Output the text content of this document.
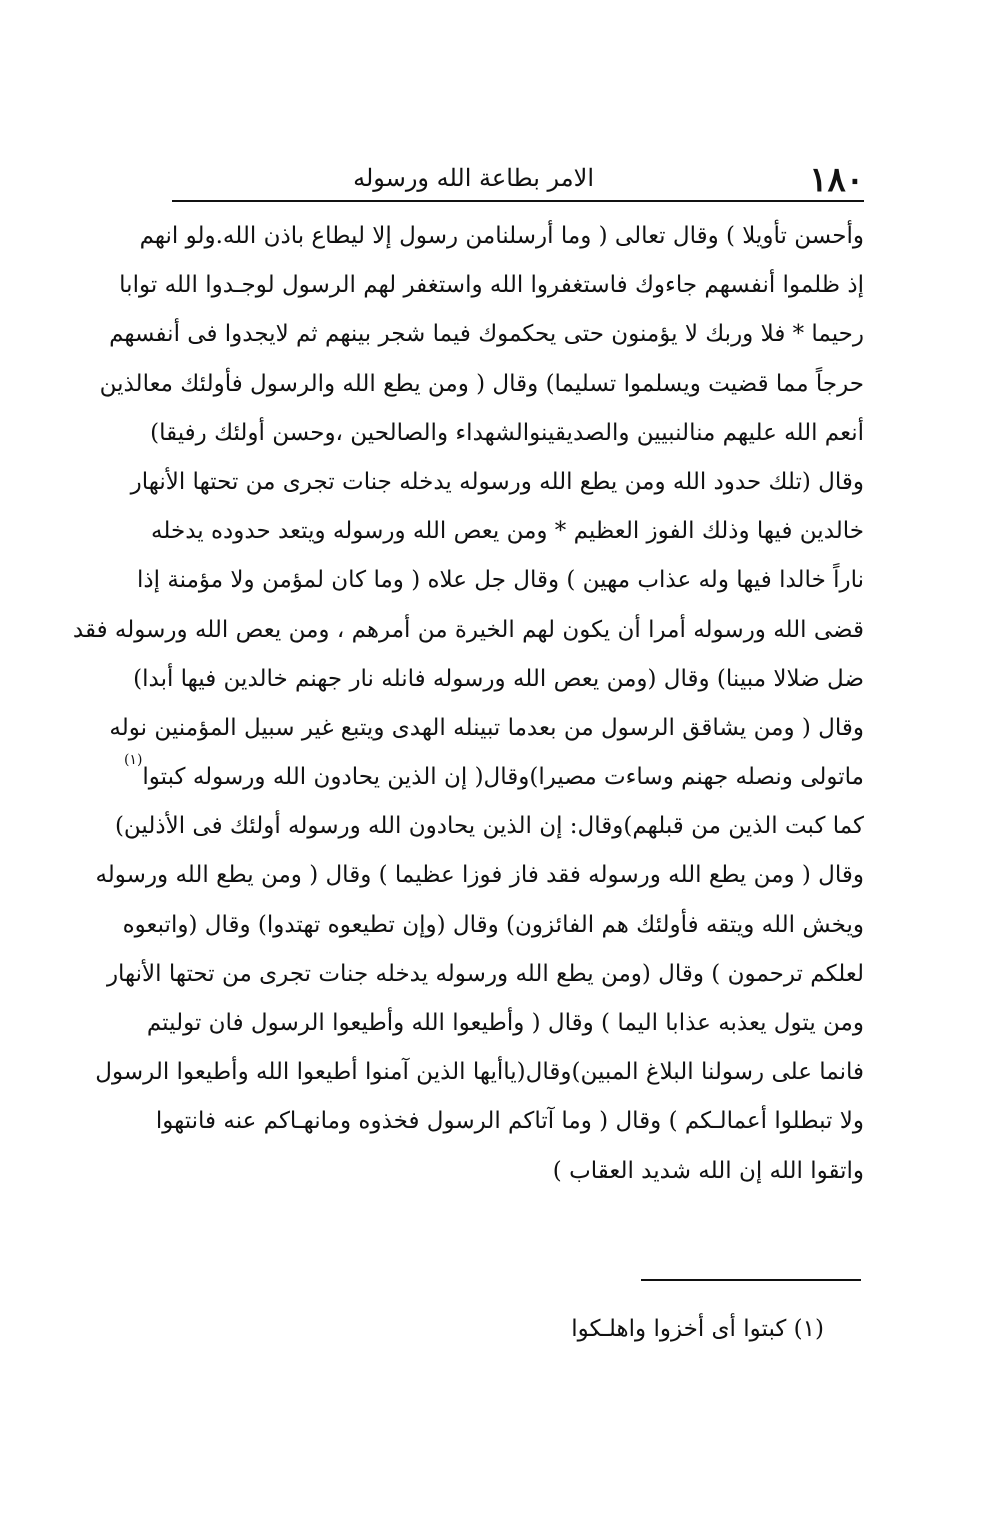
١٨٠
الامر بطاعة الله ورسوله
وأحسن تأويلا ) وقال تعالى ( وما أرسلنامن رسول إلا ليطاع باذن الله.ولو انهم
إذ ظلموا أنفسهم جاءوك فاستغفروا الله واستغفر لهم الرسول لوجـدوا الله توابا
رحيما * فلا وربك لا يؤمنون حتى يحكموك فيما شجر بينهم ثم لايجدوا فى أنفسهم
حرجاً مما قضيت ويسلموا تسليما) وقال ( ومن يطع الله والرسول فأولئك معالذين
أنعم الله عليهم منالنبيين والصديقينوالشهداء والصالحين ،وحسن أولئك رفيقا)
وقال (تلك حدود الله ومن يطع الله ورسوله يدخله جنات تجرى من تحتها الأنهار
خالدين فيها وذلك الفوز العظيم * ومن يعص الله ورسوله ويتعد حدوده يدخله
ناراً خالدا فيها وله عذاب مهين ) وقال جل علاه ( وما كان لمؤمن ولا مؤمنة إذا
قضى الله ورسوله أمرا أن يكون لهم الخيرة من أمرهم ، ومن يعص الله ورسوله فقد
ضل ضلالا مبينا) وقال (ومن يعص الله ورسوله فانله نار جهنم خالدين فيها أبدا)
وقال ( ومن يشاقق الرسول من بعدما تبينله الهدى ويتبع غير سبيل المؤمنين نوله
ماتولى ونصله جهنم وساءت مصيرا)وقال( إن الذين يحادون الله ورسوله كبتوا$^{(١)}$
كما كبت الذين من قبلهم)وقال: إن الذين يحادون الله ورسوله أولئك فى الأذلين)
وقال ( ومن يطع الله ورسوله فقد فاز فوزا عظيما ) وقال ( ومن يطع الله ورسوله
ويخش الله ويتقه فأولئك هم الفائزون) وقال (وإن تطيعوه تهتدوا) وقال (واتبعوه
لعلكم ترحمون ) وقال (ومن يطع الله ورسوله يدخله جنات تجرى من تحتها الأنهار
ومن يتول يعذبه عذابا اليما ) وقال ( وأطيعوا الله وأطيعوا الرسول فان توليتم
فانما على رسولنا البلاغ المبين)وقال(ياأيها الذين آمنوا أطيعوا الله وأطيعوا الرسول
ولا تبطلوا أعمالـكم ) وقال ( وما آتاكم الرسول فخذوه ومانهـاكم عنه فانتهوا
واتقوا الله إن الله شديد العقاب )
(١) كبتوا أى أخزوا واهلـكوا
